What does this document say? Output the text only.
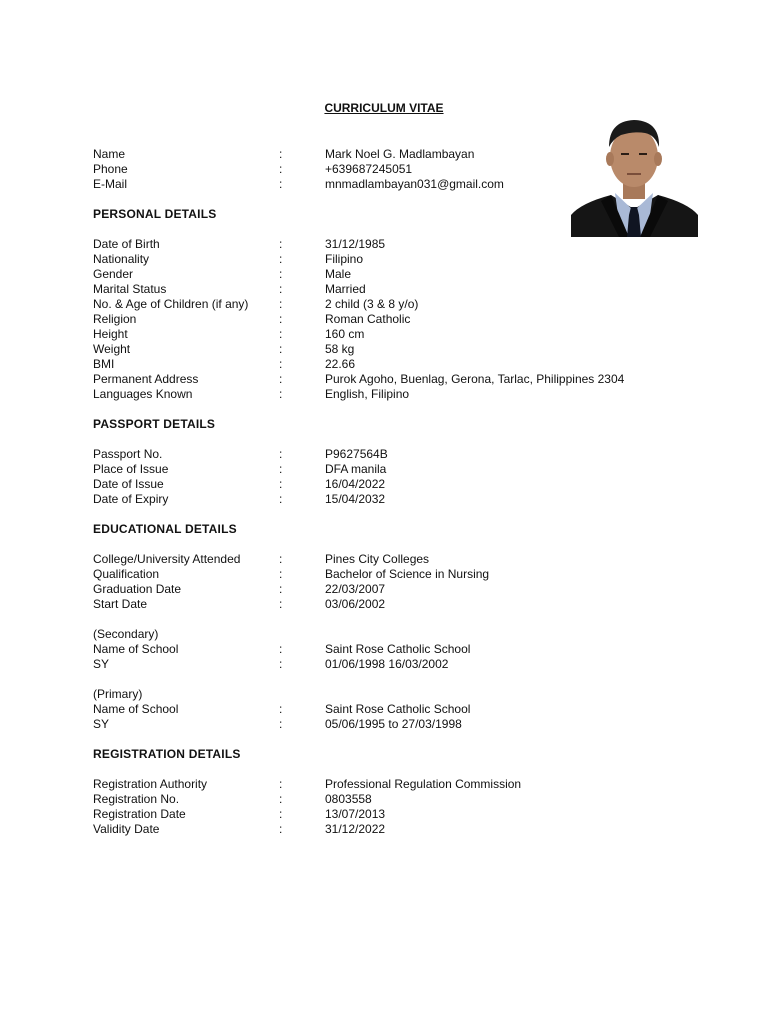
CURRICULUM VITAE
Name	:	Mark Noel G. Madlambayan
Phone	:	+639687245051
E-Mail	:	mnmadlambayan031@gmail.com
PERSONAL DETAILS
Date of Birth	:	31/12/1985
Nationality	:	Filipino
Gender	:	Male
Marital Status	:	Married
No. & Age of Children (if any)	:	2 child (3 & 8 y/o)
Religion	:	Roman Catholic
Height	:	160 cm
Weight	:	58 kg
BMI	:	22.66
Permanent Address	:	Purok Agoho, Buenlag, Gerona, Tarlac, Philippines 2304
Languages Known	:	English, Filipino
PASSPORT DETAILS
Passport No.	:	P9627564B
Place of Issue	:	DFA manila
Date of Issue	:	16/04/2022
Date of Expiry	:	15/04/2032
EDUCATIONAL DETAILS
College/University Attended	:	Pines City Colleges
Qualification	:	Bachelor of Science in Nursing
Graduation Date	:	22/03/2007
Start Date	:	03/06/2002
(Secondary)
Name of School	:	Saint Rose Catholic School
SY	:	01/06/1998 16/03/2002
(Primary)
Name of School	:	Saint Rose Catholic School
SY	:	05/06/1995 to 27/03/1998
REGISTRATION DETAILS
Registration Authority	:	Professional Regulation Commission
Registration No.	:	0803558
Registration Date	:	13/07/2013
Validity Date	:	31/12/2022
